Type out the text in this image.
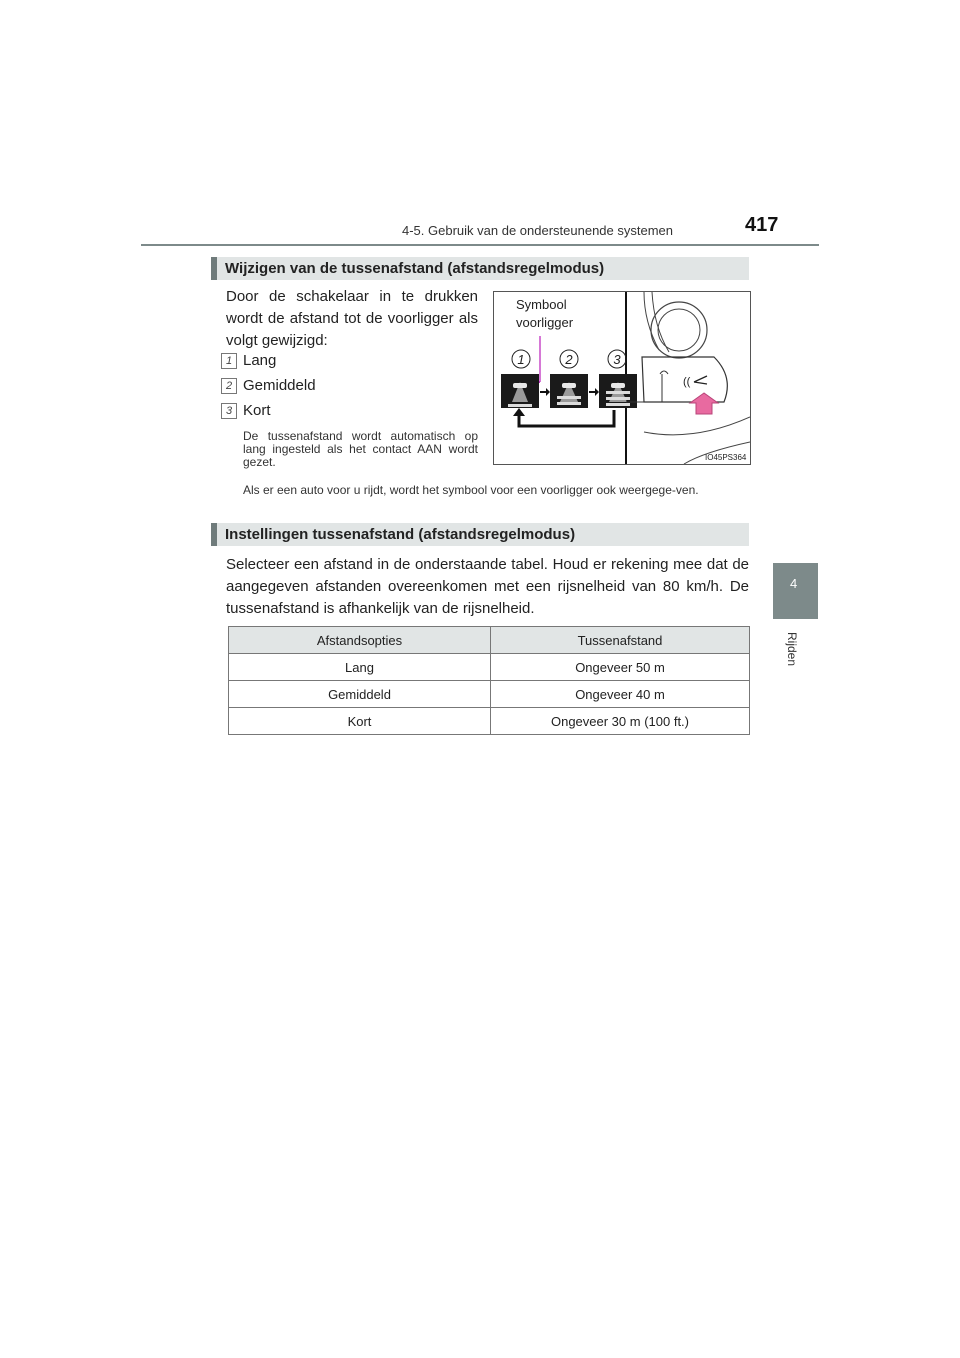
4-5. Gebruik van de ondersteunende systemen	417
4
Rijden
Wijzigen van de tussenafstand (afstandsregelmodus)
Door de schakelaar in te drukken wordt de afstand tot de voorligger als volgt gewijzigd:
1 Lang
2 Gemiddeld
3 Kort
De tussenafstand wordt automatisch op lang ingesteld als het contact AAN wordt gezet.
Als er een auto voor u rijdt, wordt het symbool voor een voorligger ook weergege-ven.
Symbool
voorligger
1	2	3
((
IO45PS364
Instellingen tussenafstand (afstandsregelmodus)
Selecteer een afstand in de onderstaande tabel. Houd er rekening mee dat de aangegeven afstanden overeenkomen met een rijsnelheid van 80 km/h. De tussenafstand is afhankelijk van de rijsnelheid.
Afstandsopties	Tussenafstand
Lang	Ongeveer 50 m
Gemiddeld	Ongeveer 40 m
Kort	Ongeveer 30 m (100 ft.)
